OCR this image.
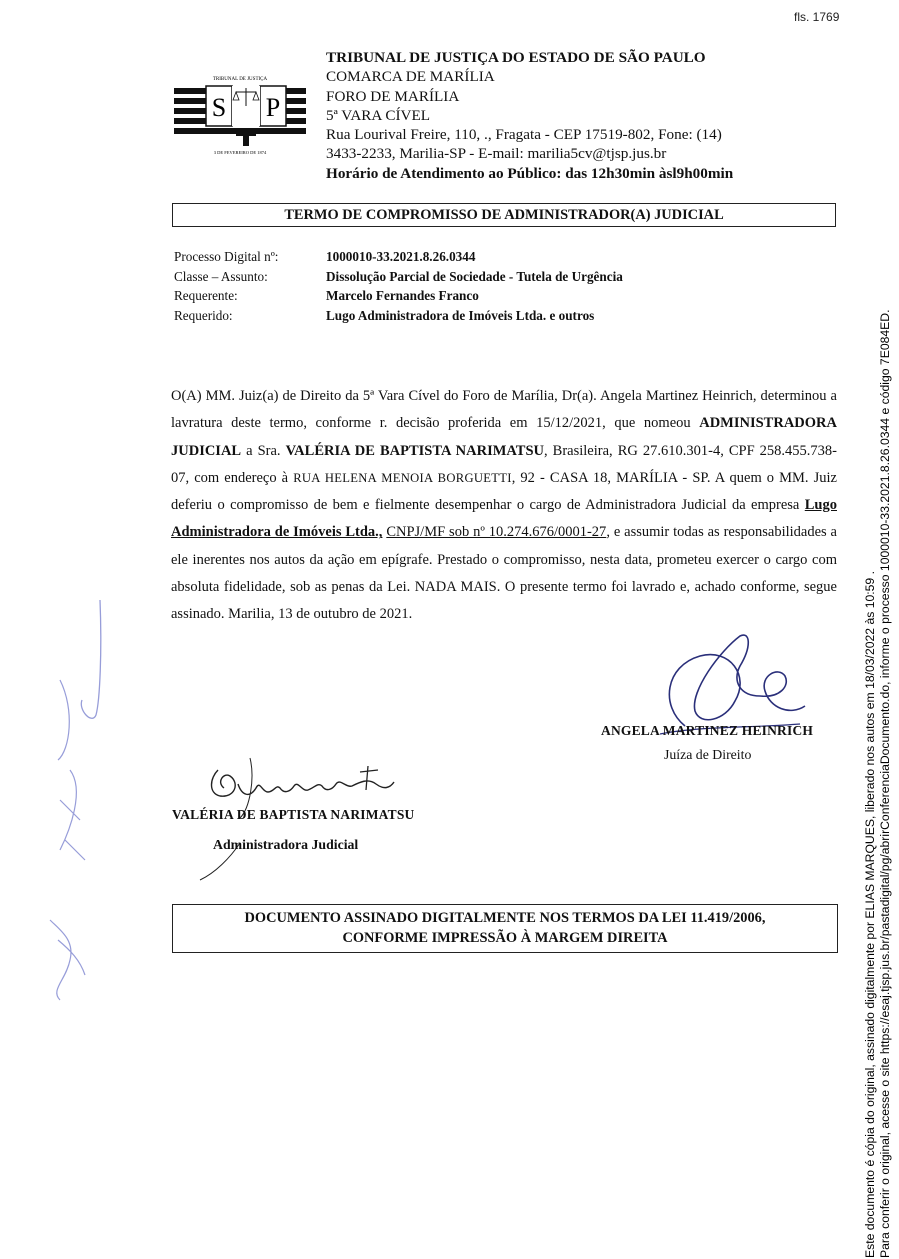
fls. 1769
TRIBUNAL DE JUSTIÇA
S P
3 DE FEVEREIRO DE 1874
TRIBUNAL DE JUSTIÇA DO ESTADO DE SÃO PAULO
COMARCA DE MARÍLIA
FORO DE MARÍLIA
5ª VARA CÍVEL
Rua Lourival Freire, 110, ., Fragata - CEP 17519-802, Fone: (14)
3433-2233, Marilia-SP - E-mail: marilia5cv@tjsp.jus.br
Horário de Atendimento ao Público: das 12h30min àsl9h00min
TERMO DE COMPROMISSO DE ADMINISTRADOR(A) JUDICIAL
Processo Digital nº:	1000010-33.2021.8.26.0344
Classe – Assunto:	Dissolução Parcial de Sociedade - Tutela de Urgência
Requerente:	Marcelo Fernandes Franco
Requerido:	Lugo Administradora de Imóveis Ltda. e outros
O(A) MM. Juiz(a) de Direito da 5ª Vara Cível do Foro de Marília, Dr(a). Angela Martinez Heinrich, determinou a lavratura deste termo, conforme r. decisão proferida em 15/12/2021, que nomeou ADMINISTRADORA JUDICIAL a Sra. VALÉRIA DE BAPTISTA NARIMATSU, Brasileira, RG 27.610.301-4, CPF 258.455.738-07, com endereço à RUA HELENA MENOIA BORGUETTI, 92 - CASA 18, MARÍLIA - SP. A quem o MM. Juiz deferiu o compromisso de bem e fielmente desempenhar o cargo de Administradora Judicial da empresa Lugo Administradora de Imóveis Ltda., CNPJ/MF sob nº 10.274.676/0001-27, e assumir todas as responsabilidades a ele inerentes nos autos da ação em epígrafe. Prestado o compromisso, nesta data, prometeu exercer o cargo com absoluta fidelidade, sob as penas da Lei. NADA MAIS. O presente termo foi lavrado e, achado conforme, segue assinado. Marilia, 13 de outubro de 2021.
ANGELA MARTINEZ HEINRICH
Juíza de Direito
VALÉRIA DE BAPTISTA NARIMATSU
Administradora Judicial
DOCUMENTO ASSINADO DIGITALMENTE NOS TERMOS DA LEI 11.419/2006,
CONFORME IMPRESSÃO À MARGEM DIREITA	Este documento é cópia do original, assinado digitalmente por ELIAS MARQUES, liberado nos autos em 18/03/2022 às 10:59 . Para conferir o original, acesse o site https://esaj.tjsp.jus.br/pastadigital/pg/abrirConferenciaDocumento.do, informe o processo 1000010-33.2021.8.26.0344 e código 7E084ED.
